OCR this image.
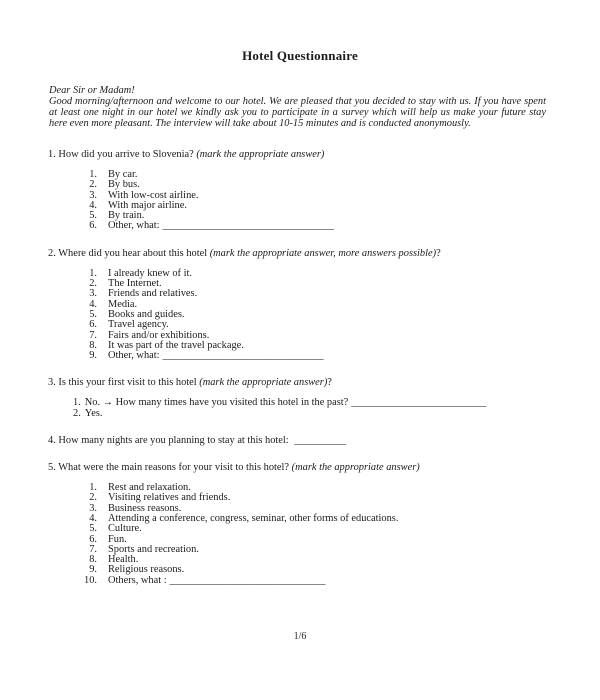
Hotel Questionnaire

Dear Sir or Madam!

Good morning/afternoon and welcome to our hotel. We are pleased that you decided to stay with us. If you have spent at least one night in our hotel we kindly ask you to participate in a survey which will help us make your future stay here even more pleasant. The interview will take about 10-15 minutes and is conducted anonymously.

1. How did you arrive to Slovenia? (mark the appropriate answer)

1. By car.
2. By bus.
3. With low-cost airline.
4. With major airline.
5. By train.
6. Other, what: _________________________________

2. Where did you hear about this hotel (mark the appropriate answer, more answers possible)?

1. I already knew of it.
2. The Internet.
3. Friends and relatives.
4. Media.
5. Books and guides.
6. Travel agency.
7. Fairs and/or exhibitions.
8. It was part of the travel package.
9. Other, what: _______________________________

3. Is this your first visit to this hotel (mark the appropriate answer)?

1. No. → How many times have you visited this hotel in the past? __________________________
2. Yes.

4. How many nights are you planning to stay at this hotel: __________

5. What were the main reasons for your visit to this hotel? (mark the appropriate answer)

1. Rest and relaxation.
2. Visiting relatives and friends.
3. Business reasons.
4. Attending a conference, congress, seminar, other forms of educations.
5. Culture.
6. Fun.
7. Sports and recreation.
8. Health.
9. Religious reasons.
10. Others, what : ______________________________
1/6
